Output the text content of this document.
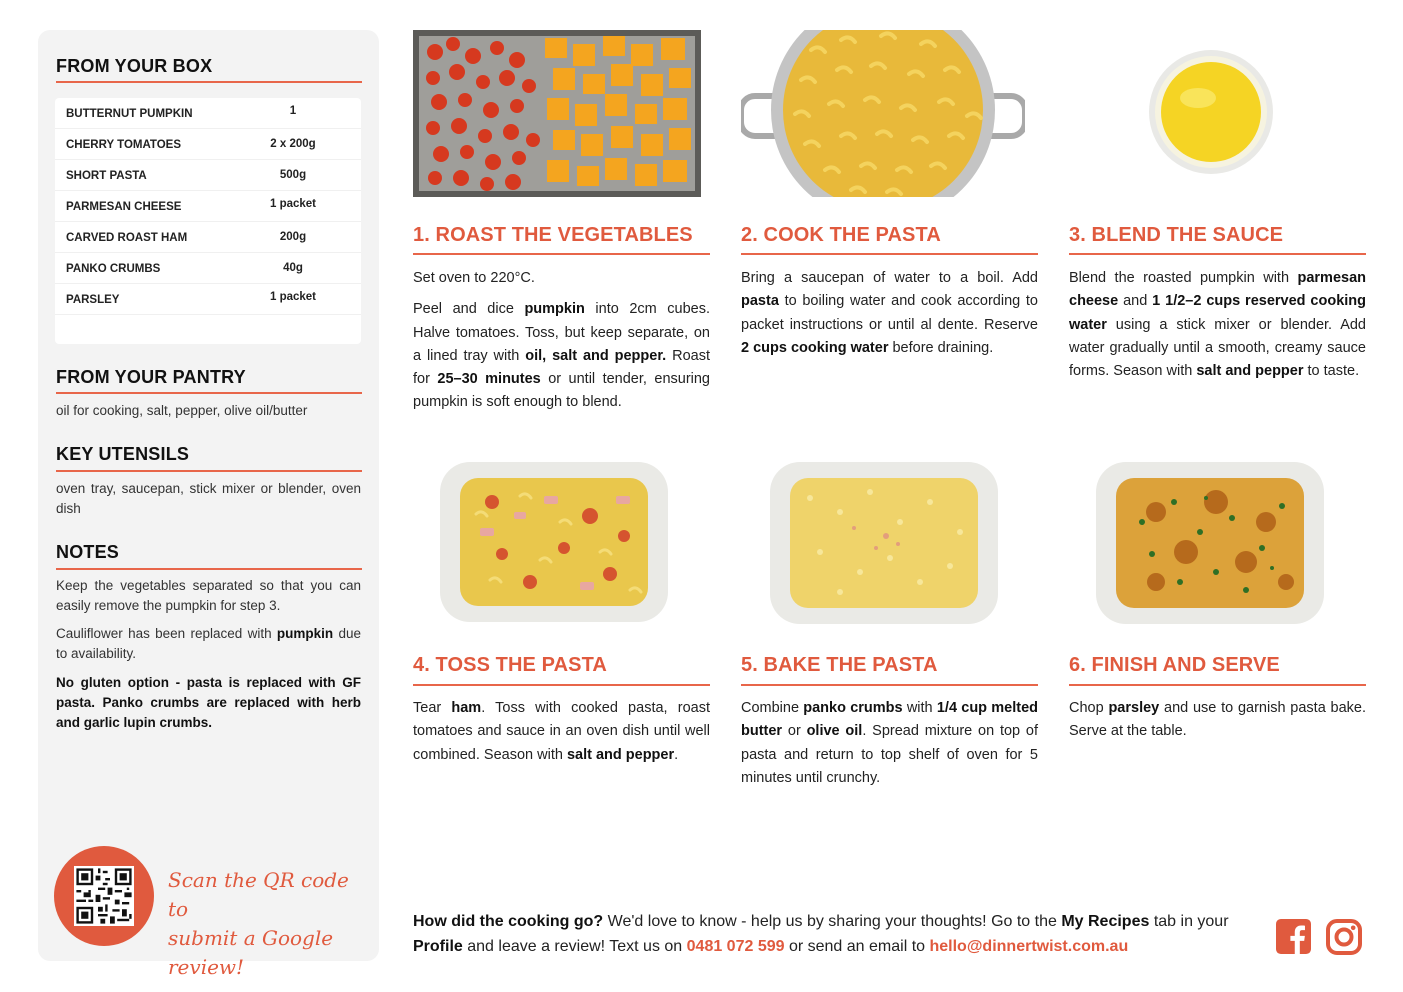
FROM YOUR BOX
BUTTERNUT PUMPKIN	1
CHERRY TOMATOES	2 x 200g
SHORT PASTA	500g
PARMESAN CHEESE	1 packet
CARVED ROAST HAM	200g
PANKO CRUMBS	40g
PARSLEY	1 packet
FROM YOUR PANTRY
oil for cooking, salt, pepper, olive oil/butter
KEY UTENSILS
oven tray, saucepan, stick mixer or blender, oven dish
NOTES
Keep the vegetables separated so that you can easily remove the pumpkin for step 3.
Cauliflower has been replaced with pumpkin due to availability.
No gluten option - pasta is replaced with GF pasta. Panko crumbs are replaced with herb and garlic lupin crumbs.
Scan the QR code to
submit a Google review!
1. ROAST THE VEGETABLES

Set oven to 220°C.

Peel and dice pumpkin into 2cm cubes. Halve tomatoes. Toss, but keep separate, on a lined tray with oil, salt and pepper. Roast for 25–30 minutes or until tender, ensuring pumpkin is soft enough to blend.

2. COOK THE PASTA

Bring a saucepan of water to a boil. Add pasta to boiling water and cook according to packet instructions or until al dente. Reserve 2 cups cooking water before draining.

3. BLEND THE SAUCE

Blend the roasted pumpkin with parmesan cheese and 1 1/2–2 cups reserved cooking water using a stick mixer or blender. Add water gradually until a smooth, creamy sauce forms. Season with salt and pepper to taste.

4. TOSS THE PASTA

Tear ham. Toss with cooked pasta, roast tomatoes and sauce in an oven dish until well combined. Season with salt and pepper.

5. BAKE THE PASTA

Combine panko crumbs with 1/4 cup melted butter or olive oil. Spread mixture on top of pasta and return to top shelf of oven for 5 minutes until crunchy.

6. FINISH AND SERVE

Chop parsley and use to garnish pasta bake. Serve at the table.

How did the cooking go? We'd love to know - help us by sharing your thoughts! Go to the My Recipes tab in your Profile and leave a review! Text us on 0481 072 599 or send an email to hello@dinnertwist.com.au
